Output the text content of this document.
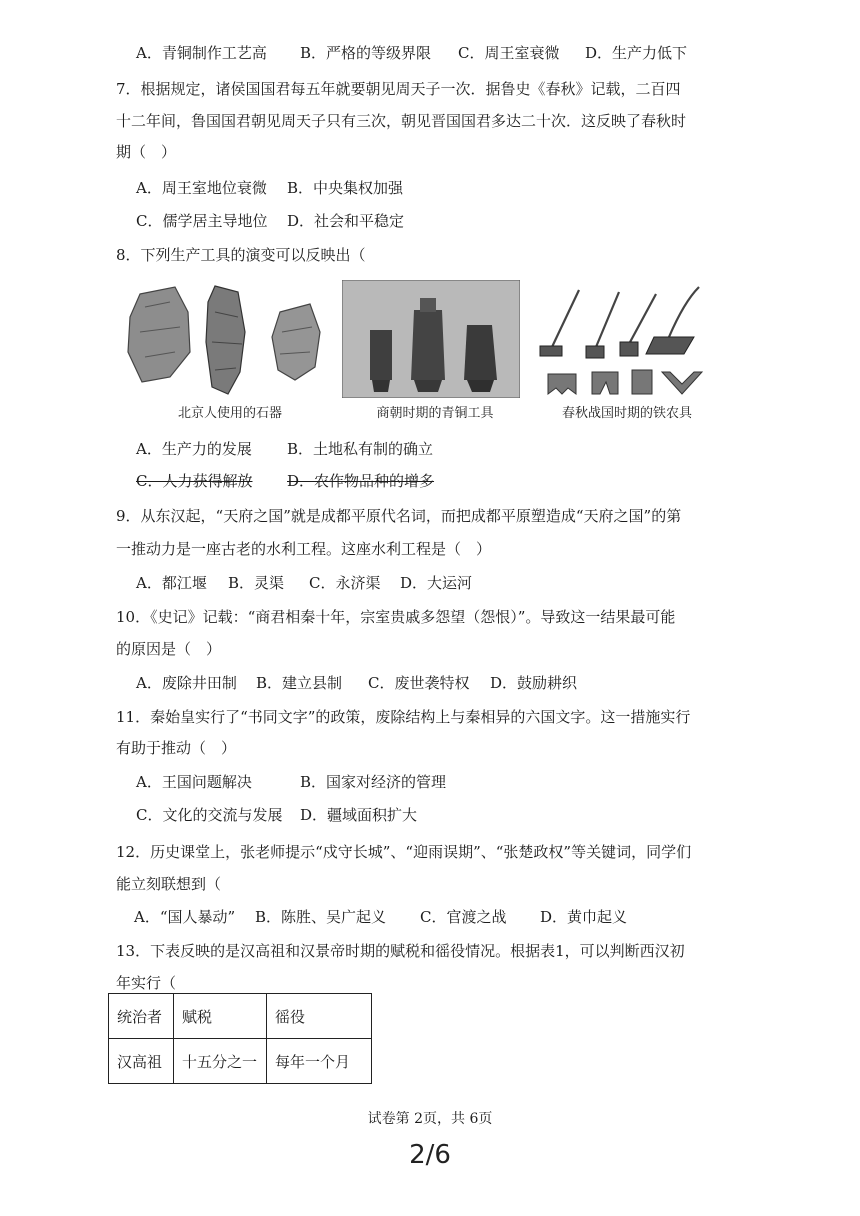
A．青铜制作工艺高 B．严格的等级界限 C．周王室衰微 D．生产力低下
7．根据规定，诸侯国国君每五年就要朝见周天子一次．据鲁史《春秋》记载，二百四
十二年间，鲁国国君朝见周天子只有三次，朝见晋国国君多达二十次．这反映了春秋时
期（　）
A．周王室地位衰微 B．中央集权加强
C．儒学居主导地位 D．社会和平稳定
8．下列生产工具的演变可以反映出（
北京人使用的石器	商朝时期的青铜工具	春秋战国时期的铁农具
A．生产力的发展 B．土地私有制的确立
C．人力获得解放 D．农作物品种的增多
9．从东汉起，“天府之国”就是成都平原代名词，而把成都平原塑造成“天府之国”的第
一推动力是一座古老的水利工程。这座水利工程是（　）
A．都江堰 B．灵渠 C．永济渠 D．大运河
10．《史记》记载：“商君相秦十年，宗室贵戚多怨望（怨恨）”。导致这一结果最可能
的原因是（　）
A．废除井田制 B．建立县制 C．废世袭特权 D．鼓励耕织
11．秦始皇实行了“书同文字”的政策，废除结构上与秦相异的六国文字。这一措施实行
有助于推动（　）
A．王国问题解决	B．国家对经济的管理
C．文化的交流与发展 D．疆域面积扩大
12．历史课堂上，张老师提示“戍守长城”、“迎雨误期”、“张楚政权”等关键词，同学们
能立刻联想到（
A．“国人暴动” B．陈胜、吴广起义 C．官渡之战 D．黄巾起义
13．下表反映的是汉高祖和汉景帝时期的赋税和徭役情况。根据表1，可以判断西汉初
年实行（
统治者	赋税	徭役
汉高祖	十五分之一	每年一个月
试卷第 2页，共 6页
2/6
